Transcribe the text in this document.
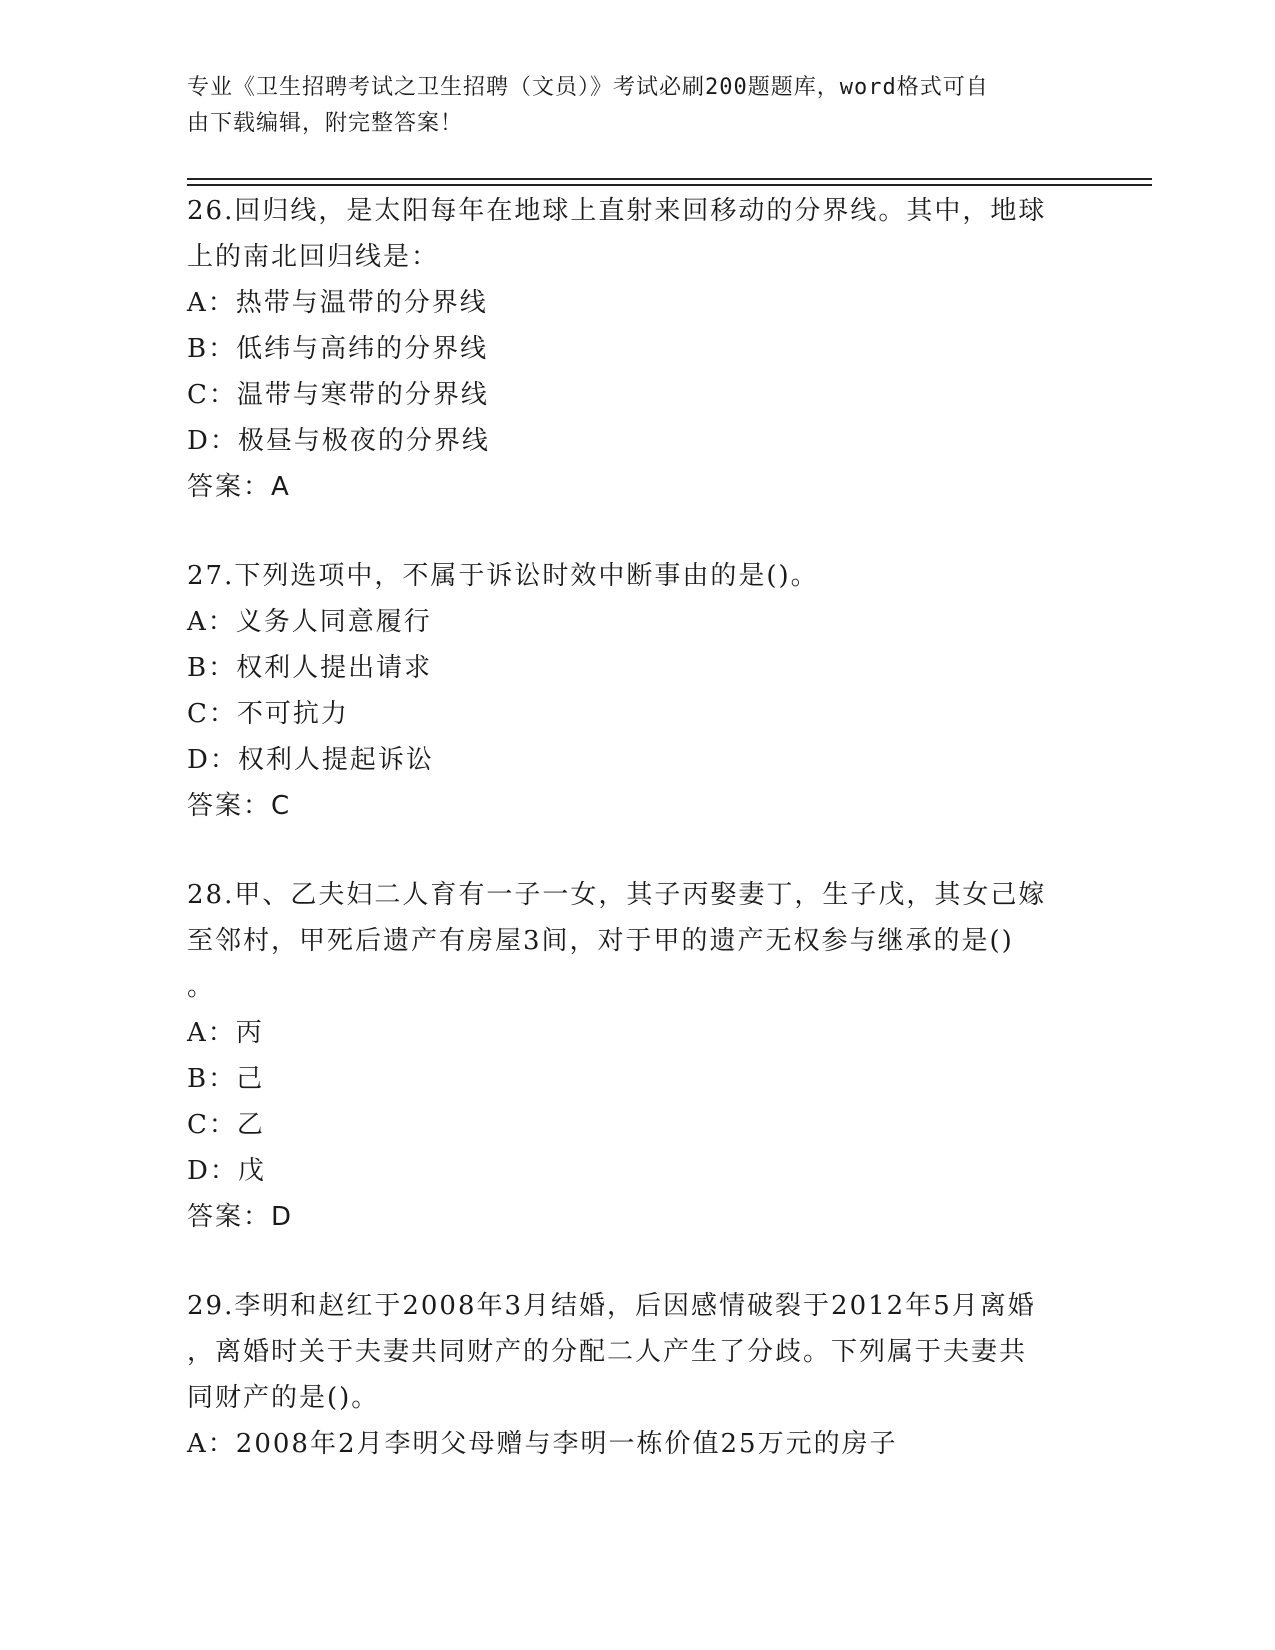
专业《卫生招聘考试之卫生招聘（文员）》考试必刷200题题库，word格式可自
由下载编辑，附完整答案！
26.回归线，是太阳每年在地球上直射来回移动的分界线。其中，地球
上的南北回归线是：
A：热带与温带的分界线
B：低纬与高纬的分界线
C：温带与寒带的分界线
D：极昼与极夜的分界线
答案：A
27.下列选项中，不属于诉讼时效中断事由的是()。
A：义务人同意履行
B：权利人提出请求
C：不可抗力
D：权利人提起诉讼
答案：C
28.甲、乙夫妇二人育有一子一女，其子丙娶妻丁，生子戊，其女己嫁
至邻村，甲死后遗产有房屋3间，对于甲的遗产无权参与继承的是()
。
A：丙
B：己
C：乙
D：戊
答案：D
29.李明和赵红于2008年3月结婚，后因感情破裂于2012年5月离婚
，离婚时关于夫妻共同财产的分配二人产生了分歧。下列属于夫妻共
同财产的是()。
A：2008年2月李明父母赠与李明一栋价值25万元的房子
